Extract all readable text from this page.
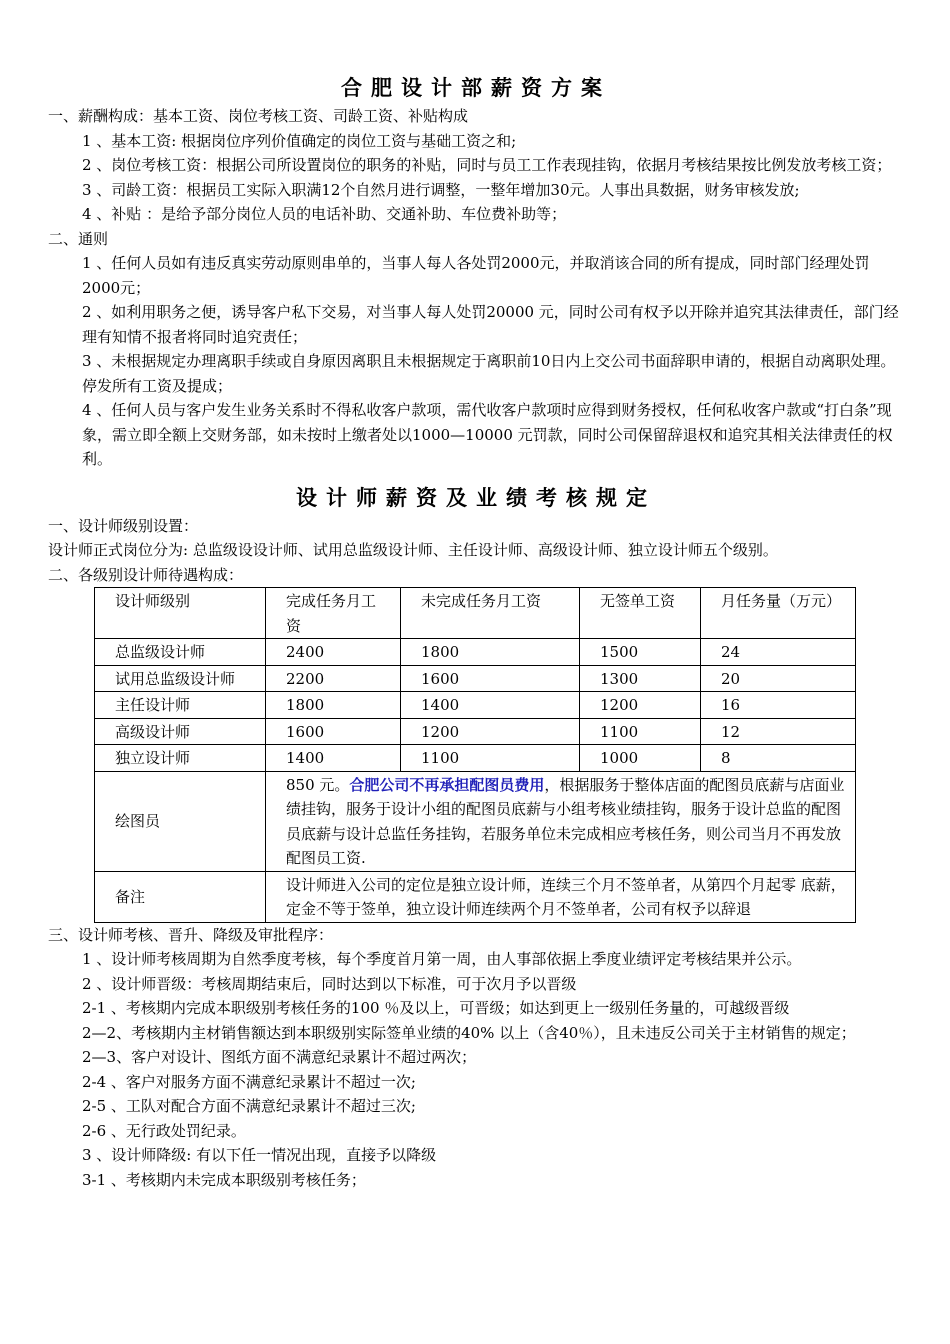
合肥设计部薪资方案
一、薪酬构成：基本工资、岗位考核工资、司龄工资、补贴构成
1 、基本工资: 根据岗位序列价值确定的岗位工资与基础工资之和;
2 、岗位考核工资：根据公司所设置岗位的职务的补贴，同时与员工工作表现挂钩，依据月考核结果按比例发放考核工资；
3 、司龄工资：根据员工实际入职满12个自然月进行调整，一整年增加30元。人事出具数据，财务审核发放;
4 、补贴 ：是给予部分岗位人员的电话补助、交通补助、车位费补助等；
二、通则
1 、任何人员如有违反真实劳动原则串单的，当事人每人各处罚2000元，并取消该合同的所有提成，同时部门经理处罚2000元；
2 、如利用职务之便，诱导客户私下交易，对当事人每人处罚20000 元，同时公司有权予以开除并追究其法律责任，部门经理有知情不报者将同时追究责任；
3 、未根据规定办理离职手续或自身原因离职且未根据规定于离职前10日内上交公司书面辞职申请的，根据自动离职处理。停发所有工资及提成；
4 、任何人员与客户发生业务关系时不得私收客户款项，需代收客户款项时应得到财务授权，任何私收客户款或“打白条”现象，需立即全额上交财务部，如未按时上缴者处以1000—10000 元罚款，同时公司保留辞退权和追究其相关法律责任的权利。
设计师薪资及业绩考核规定
一、设计师级别设置：
设计师正式岗位分为: 总监级设设计师、试用总监级设计师、主任设计师、高级设计师、独立设计师五个级别。
二、各级别设计师待遇构成：
设计师级别	完成任务月工资	未完成任务月工资	无签单工资	月任务量（万元）
总监级设计师	2400	1800	1500	24
试用总监级设计师	2200	1600	1300	20
主任设计师	1800	1400	1200	16
高级设计师	1600	1200	1100	12
独立设计师	1400	1100	1000	8
绘图员	850 元。合肥公司不再承担配图员费用，根据服务于整体店面的配图员底薪与店面业绩挂钩，服务于设计小组的配图员底薪与小组考核业绩挂钩，服务于设计总监的配图员底薪与设计总监任务挂钩，若服务单位未完成相应考核任务，则公司当月不再发放配图员工资.			
备注	设计师进入公司的定位是独立设计师，连续三个月不签单者，从第四个月起零 底薪，定金不等于签单，独立设计师连续两个月不签单者，公司有权予以辞退			
三、设计师考核、晋升、降级及审批程序：
1 、设计师考核周期为自然季度考核，每个季度首月第一周，由人事部依据上季度业绩评定考核结果并公示。
2 、设计师晋级：考核周期结束后，同时达到以下标准，可于次月予以晋级
2-1 、考核期内完成本职级别考核任务的100 ％及以上，可晋级；如达到更上一级别任务量的，可越级晋级
2—2、考核期内主材销售额达到本职级别实际签单业绩的40% 以上（含40％），且未违反公司关于主材销售的规定；
2—3、客户对设计、图纸方面不满意纪录累计不超过两次；
2-4 、客户对服务方面不满意纪录累计不超过一次;
2-5 、工队对配合方面不满意纪录累计不超过三次;
2-6 、无行政处罚纪录。
3 、设计师降级: 有以下任一情况出现，直接予以降级
3-1 、考核期内未完成本职级别考核任务；
